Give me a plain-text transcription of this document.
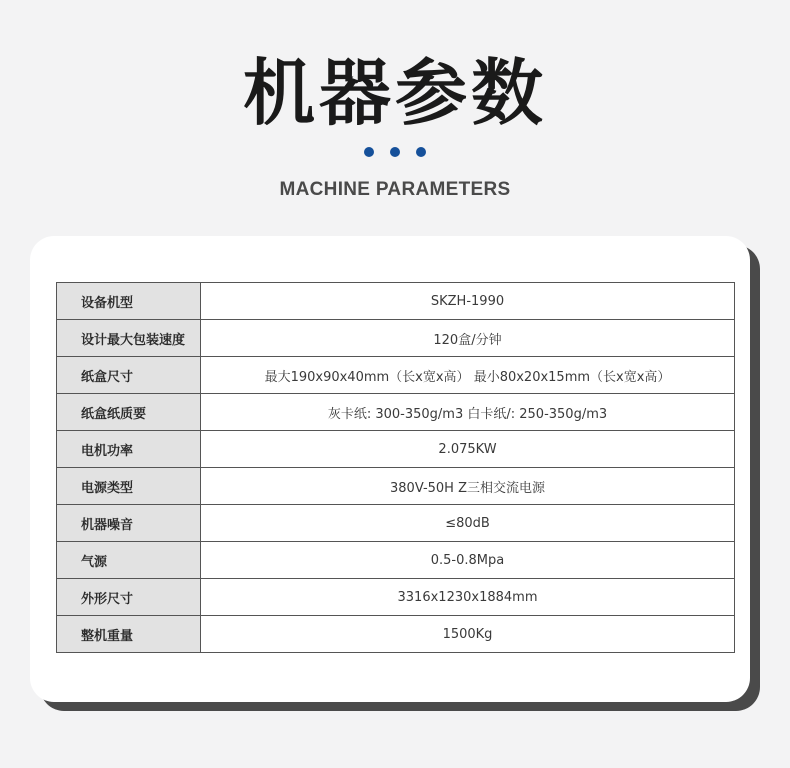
机器参数
MACHINE PARAMETERS
设备机型	SKZH-1990
设计最大包装速度	120盒/分钟
纸盒尺寸	最大190x90x40mm（长x宽x高） 最小80x20x15mm（长x宽x高）
纸盒纸质要	灰卡纸: 300-350g/m3 白卡纸/: 250-350g/m3
电机功率	2.075KW
电源类型	380V-50H Z三相交流电源
机器噪音	≤80dB
气源	0.5-0.8Mpa
外形尺寸	3316x1230x1884mm
整机重量	1500Kg
